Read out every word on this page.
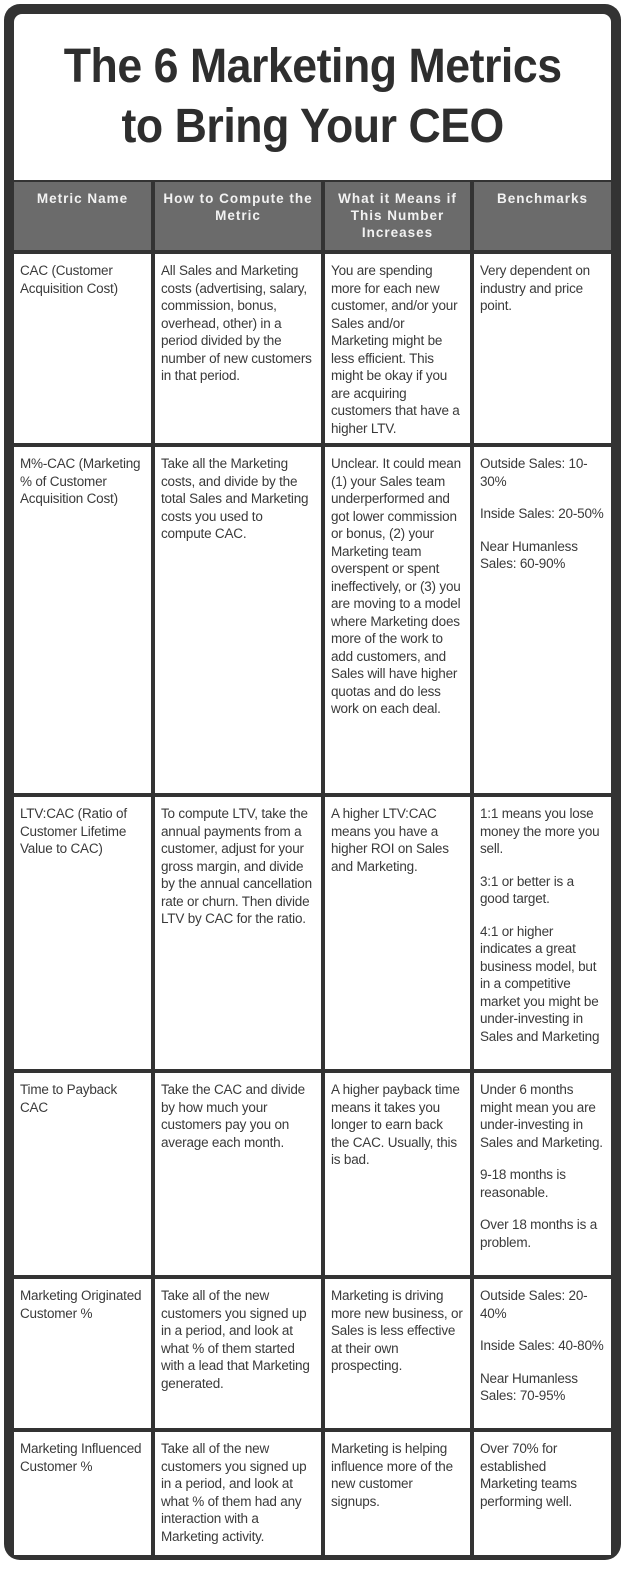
The 6 Marketing Metrics
to Bring Your CEO
Metric Name	How to Compute the Metric
What it Means if This Number Increases
Benchmarks
CAC (Customer Acquisition Cost)
All Sales and Marketing costs (advertising, salary, commission, bonus, overhead, other) in a period divided by the number of new customers in that period.
You are spending more for each new customer, and/or your Sales and/or Marketing might be less efficient. This might be okay if you are acquiring customers that have a higher LTV.

Very dependent on industry and price point.

M%-CAC (Marketing % of Customer Acquisition Cost)
Take all the Marketing costs, and divide by the total Sales and Marketing costs you used to compute CAC.
Unclear. It could mean (1) your Sales team underperformed and got lower commission or bonus, (2) your Marketing team overspent or spent ineffectively, or (3) you are moving to a model where Marketing does more of the work to add customers, and Sales will have higher quotas and do less work on each deal.

Outside Sales: 10-30%

Inside Sales: 20-50%

Near Humanless Sales: 60-90%

LTV:CAC (Ratio of Customer Lifetime Value to CAC)
To compute LTV, take the annual payments from a customer, adjust for your gross margin, and divide by the annual cancellation rate or churn. Then divide LTV by CAC for the ratio.
A higher LTV:CAC means you have a higher ROI on Sales and Marketing.

1:1 means you lose money the more you sell.

3:1 or better is a good target.

4:1 or higher indicates a great business model, but in a competitive market you might be under-investing in Sales and Marketing

Time to Payback CAC
Take the CAC and divide by how much your customers pay you on average each month.
A higher payback time means it takes you longer to earn back the CAC. Usually, this is bad.

Under 6 months might mean you are under-investing in Sales and Marketing.

9-18 months is reasonable.

Over 18 months is a problem.

Marketing Originated Customer %
Take all of the new customers you signed up in a period, and look at what % of them started with a lead that Marketing generated.
Marketing is driving more new business, or Sales is less effective at their own prospecting.

Outside Sales: 20-40%

Inside Sales: 40-80%

Near Humanless Sales: 70-95%

Marketing Influenced Customer %
Take all of the new customers you signed up in a period, and look at what % of them had any interaction with a Marketing activity.
Marketing is helping influence more of the new customer signups.

Over 70% for established Marketing teams performing well.
